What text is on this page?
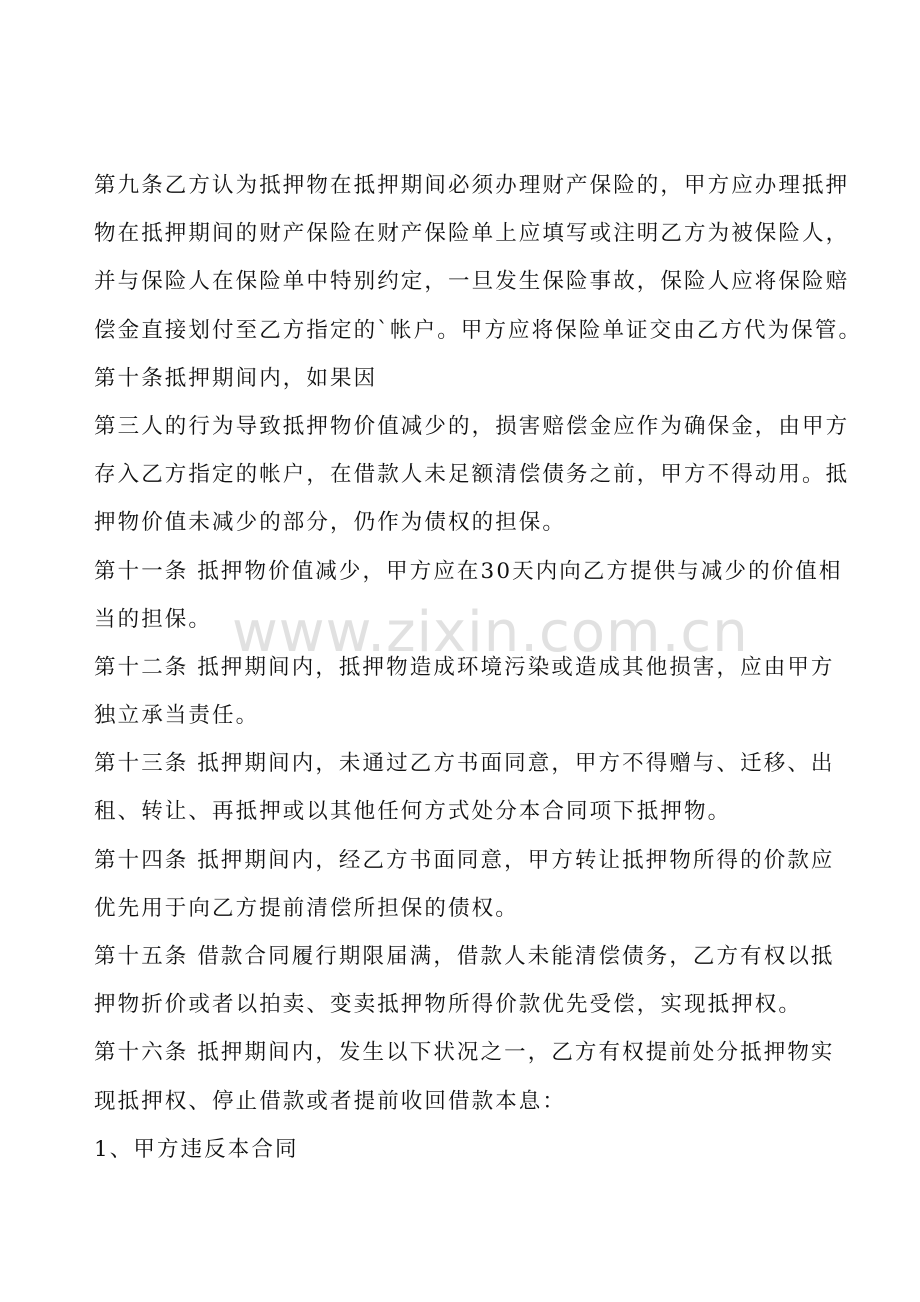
www.zixin.com.cn
第九条乙方认为抵押物在抵押期间必须办理财产保险的，甲方应办理抵押
物在抵押期间的财产保险在财产保险单上应填写或注明乙方为被保险人，
并与保险人在保险单中特别约定，一旦发生保险事故，保险人应将保险赔
偿金直接划付至乙方指定的`帐户。甲方应将保险单证交由乙方代为保管。
第十条抵押期间内，如果因
第三人的行为导致抵押物价值减少的，损害赔偿金应作为确保金，由甲方
存入乙方指定的帐户，在借款人未足额清偿债务之前，甲方不得动用。抵
押物价值未减少的部分，仍作为债权的担保。
第十一条 抵押物价值减少，甲方应在30天内向乙方提供与减少的价值相
当的担保。
第十二条 抵押期间内，抵押物造成环境污染或造成其他损害，应由甲方
独立承当责任。
第十三条 抵押期间内，未通过乙方书面同意，甲方不得赠与、迁移、出
租、转让、再抵押或以其他任何方式处分本合同项下抵押物。
第十四条 抵押期间内，经乙方书面同意，甲方转让抵押物所得的价款应
优先用于向乙方提前清偿所担保的债权。
第十五条 借款合同履行期限届满，借款人未能清偿债务，乙方有权以抵
押物折价或者以拍卖、变卖抵押物所得价款优先受偿，实现抵押权。
第十六条 抵押期间内，发生以下状况之一，乙方有权提前处分抵押物实
现抵押权、停止借款或者提前收回借款本息：
1、甲方违反本合同
